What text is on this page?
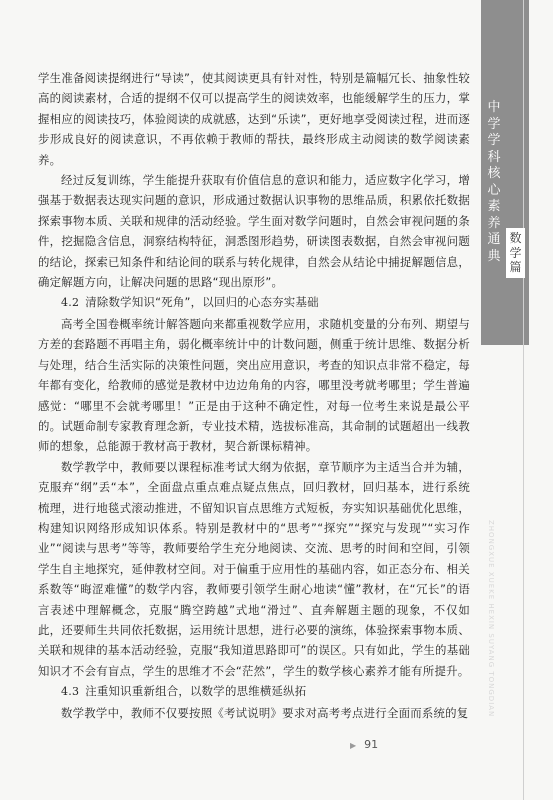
中学学科核心素养通典
数学篇
ZHONGXUE XUEKE HEXIN SUYANG TONGDIAN

学生准备阅读提纲进行“导读”，使其阅读更具有针对性，特别是篇幅冗长、抽象性较高的阅读素材，合适的提纲不仅可以提高学生的阅读效率，也能缓解学生的压力，掌握相应的阅读技巧，体验阅读的成就感，达到“乐读”，更好地享受阅读过程，进而逐步形成良好的阅读意识，不再依赖于教师的帮扶，最终形成主动阅读的数学阅读素养。

经过反复训练，学生能提升获取有价值信息的意识和能力，适应数字化学习，增强基于数据表达现实问题的意识，形成通过数据认识事物的思维品质，积累依托数据探索事物本质、关联和规律的活动经验。学生面对数学问题时，自然会审视问题的条件，挖掘隐含信息，洞察结构特征，洞悉图形趋势，研读图表数据，自然会审视问题的结论，探索已知条件和结论间的联系与转化规律，自然会从结论中捕捉解题信息，确定解题方向，让解决问题的思路“现出原形”。

4.2 清除数学知识“死角”，以回归的心态夯实基础

高考全国卷概率统计解答题向来都重视数学应用，求随机变量的分布列、期望与方差的套路题不再唱主角，弱化概率统计中的计数问题，侧重于统计思维、数据分析与处理，结合生活实际的决策性问题，突出应用意识，考查的知识点非常不稳定，每年都有变化，给教师的感觉是教材中边边角角的内容，哪里没考就考哪里；学生普遍感觉：“哪里不会就考哪里！”正是由于这种不确定性，对每一位考生来说是最公平的。试题命制专家教育理念新，专业技术精，选拔标准高，其命制的试题超出一线教师的想象，总能源于教材高于教材，契合新课标精神。

数学教学中，教师要以课程标准考试大纲为依据，章节顺序为主适当合并为辅，克服弃“纲”丢“本”，全面盘点重点难点疑点焦点，回归教材，回归基本，进行系统梳理，进行地毯式滚动推进，不留知识盲点思维方式短板，夯实知识基础优化思维，构建知识网络形成知识体系。特别是教材中的“思考”“探究”“探究与发现”“实习作业”“阅读与思考”等等，教师要给学生充分地阅读、交流、思考的时间和空间，引领学生自主地探究，延伸教材空间。对于偏重于应用性的基础内容，如正态分布、相关系数等“晦涩难懂”的数学内容，教师要引领学生耐心地读“懂”教材，在“冗长”的语言表述中理解概念，克服“腾空跨越”式地“滑过”、直奔解题主题的现象，不仅如此，还要师生共同依托数据，运用统计思想，进行必要的演练，体验探索事物本质、关联和规律的基本活动经验，克服“我知道思路即可”的误区。只有如此，学生的基础知识才不会有盲点，学生的思维才不会“茫然”，学生的数学核心素养才能有所提升。

4.3 注重知识重新组合，以数学的思维横延纵拓

数学教学中，教师不仅要按照《考试说明》要求对高考考点进行全面而系统的复

▶ 91
